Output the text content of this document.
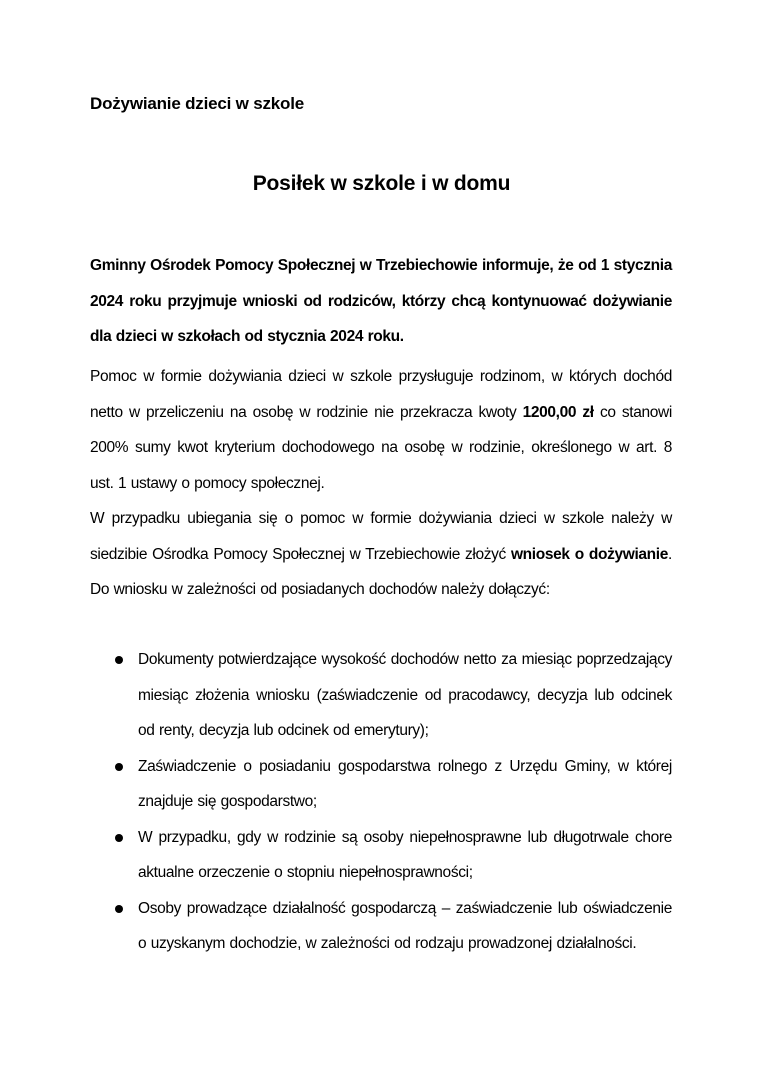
Dożywianie dzieci w szkole
Posiłek w szkole i w domu

Gminny Ośrodek Pomocy Społecznej w Trzebiechowie informuje, że od 1 stycznia 2024 roku przyjmuje wnioski od rodziców, którzy chcą kontynuować dożywianie dla dzieci w szkołach od stycznia 2024 roku.

Pomoc w formie dożywiania dzieci w szkole przysługuje rodzinom, w których dochód netto w przeliczeniu na osobę w rodzinie nie przekracza kwoty 1200,00 zł co stanowi 200% sumy kwot kryterium dochodowego na osobę w rodzinie, określonego w art. 8 ust. 1 ustawy o pomocy społecznej.

W przypadku ubiegania się o pomoc w formie dożywiania dzieci w szkole należy w siedzibie Ośrodka Pomocy Społecznej w Trzebiechowie złożyć wniosek o dożywianie. Do wniosku w zależności od posiadanych dochodów należy dołączyć:

Dokumenty potwierdzające wysokość dochodów netto za miesiąc poprzedzający miesiąc złożenia wniosku (zaświadczenie od pracodawcy, decyzja lub odcinek od renty, decyzja lub odcinek od emerytury);
Zaświadczenie o posiadaniu gospodarstwa rolnego z Urzędu Gminy, w której znajduje się gospodarstwo;
W przypadku, gdy w rodzinie są osoby niepełnosprawne lub długotrwale chore aktualne orzeczenie o stopniu niepełnosprawności;
Osoby prowadzące działalność gospodarczą – zaświadczenie lub oświadczenie o uzyskanym dochodzie, w zależności od rodzaju prowadzonej działalności.
